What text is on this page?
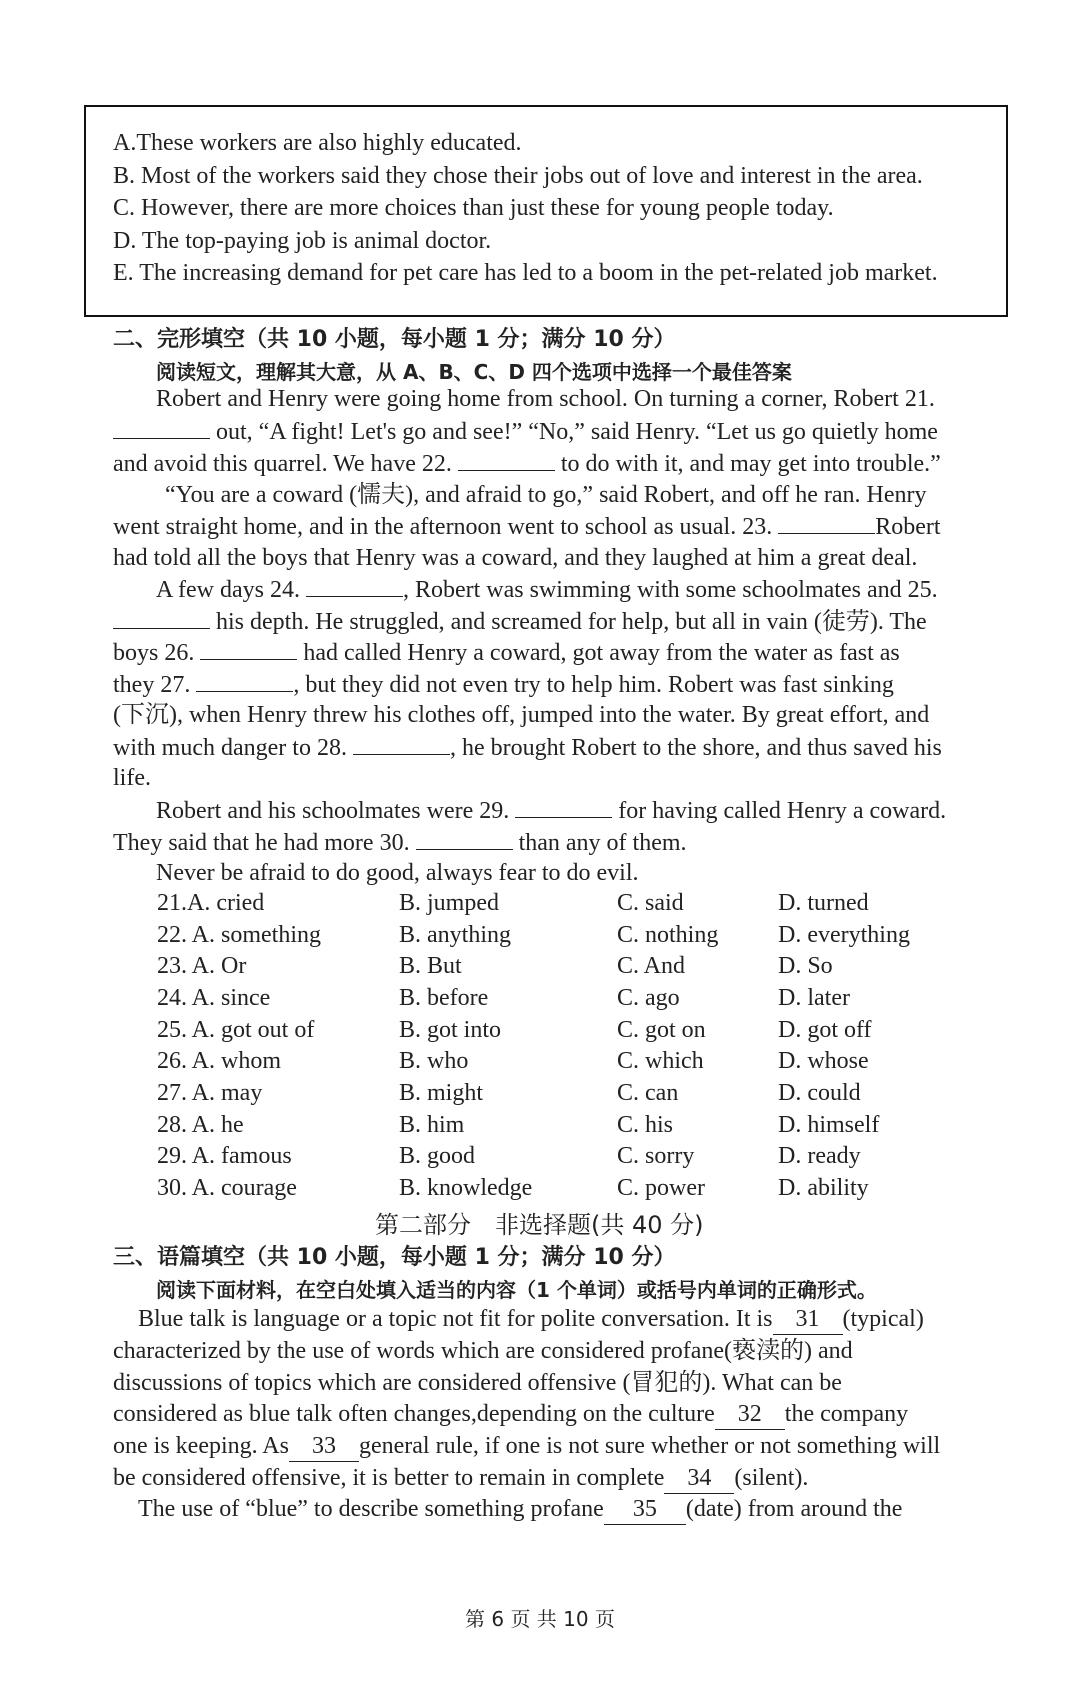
A.These workers are also highly educated.
B. Most of the workers said they chose their jobs out of love and interest in the area.
C. However, there are more choices than just these for young people today.
D. The top-paying job is animal doctor.
E. The increasing demand for pet care has led to a boom in the pet-related job market.
二、完形填空（共 10 小题，每小题 1 分；满分 10 分）
阅读短文，理解其大意，从 A、B、C、D 四个选项中选择一个最佳答案
Robert and Henry were going home from school. On turning a corner, Robert 21.
out, “A fight! Let's go and see!” “No,” said Henry. “Let us go quietly home
and avoid this quarrel. We have 22.	to do with it, and may get into trouble.”
“You are a coward (懦夫), and afraid to go,” said Robert, and off he ran. Henry
went straight home, and in the afternoon went to school as usual. 23.	Robert
had told all the boys that Henry was a coward, and they laughed at him a great deal.
A few days 24.	, Robert was swimming with some schoolmates and 25.
his depth. He struggled, and screamed for help, but all in vain (徒劳). The
boys 26.	had called Henry a coward, got away from the water as fast as
they 27.	, but they did not even try to help him. Robert was fast sinking
(下沉), when Henry threw his clothes off, jumped into the water. By great effort, and
with much danger to 28.	, he brought Robert to the shore, and thus saved his
life.
Robert and his schoolmates were 29.	for having called Henry a coward.
They said that he had more 30.	than any of them.
Never be afraid to do good, always fear to do evil.
21.A. cried	B. jumped	C. said	D. turned
22. A. something	B. anything	C. nothing D. everything
23. A. Or	B. But	C. And	D. So
24. A. since	B. before	C. ago	D. later
25. A. got out of	B. got into	C. got on	D. got off
26. A. whom	B. who	C. which	D. whose
27. A. may	B. might	C. can	D. could
28. A. he	B. him	C. his	D. himself
29. A. famous	B. good	C. sorry	D. ready
30. A. courage	B. knowledge	C. power	D. ability
第二部分　非选择题(共 40 分)
三、语篇填空（共 10 小题，每小题 1 分；满分 10 分）
阅读下面材料，在空白处填入适当的内容（1 个单词）或括号内单词的正确形式。
Blue talk is language or a topic not fit for polite conversation. It is 31 (typical)
characterized by the use of words which are considered profane(亵渎的) and
discussions of topics which are considered offensive (冒犯的). What can be
considered as blue talk often changes,depending on the culture 32 the company
one is keeping. As 33 general rule, if one is not sure whether or not something will
be considered offensive, it is better to remain in complete 34 (silent).
The use of “blue” to describe something profane 35 (date) from around the
第 6 页 共 10 页
